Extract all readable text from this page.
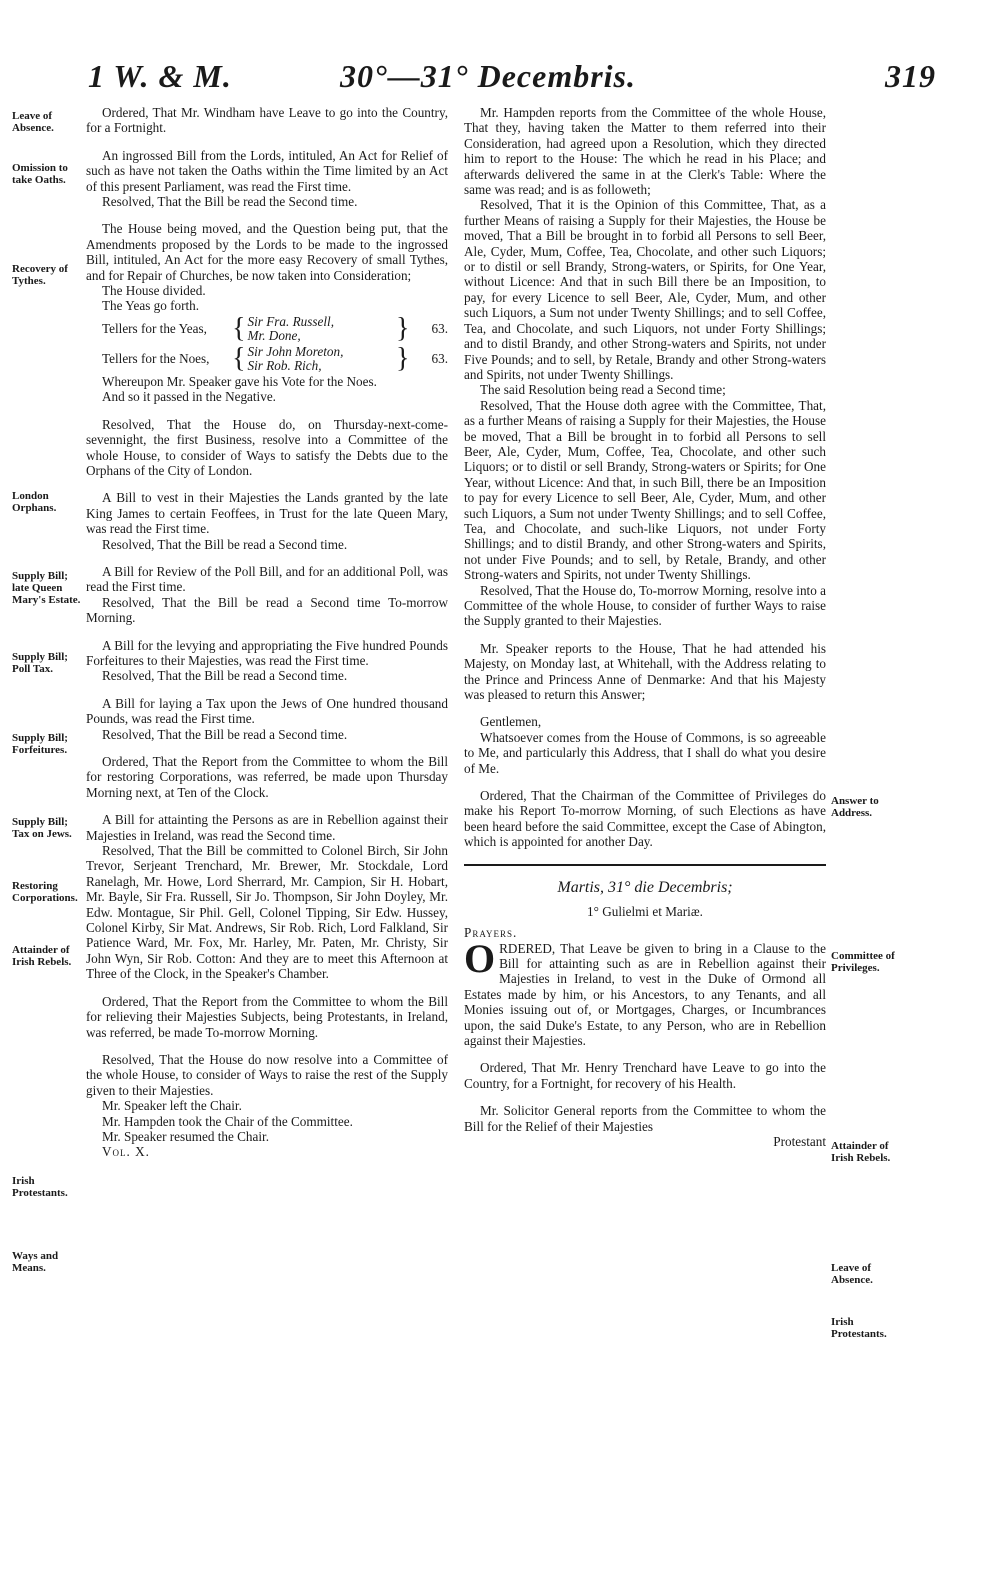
1 W. & M.	30°—31° Decembris.	319
Leave of Absence.
Omission to take Oaths.
Recovery of Tythes.
London Orphans.
Supply Bill; late Queen Mary's Estate.
Supply Bill; Poll Tax.
Supply Bill; Forfeitures.
Supply Bill; Tax on Jews.
Restoring Corporations.
Attainder of Irish Rebels.
Irish Protestants.
Ways and Means.
Answer to Address.
Committee of Privileges.
Attainder of Irish Rebels.
Leave of Absence.
Irish Protestants.

Ordered, That Mr. Windham have Leave to go into the Country, for a Fortnight.

An ingrossed Bill from the Lords, intituled, An Act for Relief of such as have not taken the Oaths within the Time limited by an Act of this present Parliament, was read the First time.

Resolved, That the Bill be read the Second time.

The House being moved, and the Question being put, that the Amendments proposed by the Lords to be made to the ingrossed Bill, intituled, An Act for the more easy Recovery of small Tythes, and for Repair of Churches, be now taken into Consideration;

The House divided.

The Yeas go forth.

Tellers for the Yeas, { Sir Fra. Russell,
Mr. Done,	}	63.
Tellers for the Noes, { Sir John Moreton,
Sir Rob. Rich,	}	63.

Whereupon Mr. Speaker gave his Vote for the Noes.

And so it passed in the Negative.

Resolved, That the House do, on Thursday-next-come-sevennight, the first Business, resolve into a Committee of the whole House, to consider of Ways to satisfy the Debts due to the Orphans of the City of London.

A Bill to vest in their Majesties the Lands granted by the late King James to certain Feoffees, in Trust for the late Queen Mary, was read the First time.

Resolved, That the Bill be read a Second time.

A Bill for Review of the Poll Bill, and for an additional Poll, was read the First time.

Resolved, That the Bill be read a Second time To-morrow Morning.

A Bill for the levying and appropriating the Five hundred Pounds Forfeitures to their Majesties, was read the First time.

Resolved, That the Bill be read a Second time.

A Bill for laying a Tax upon the Jews of One hundred thousand Pounds, was read the First time.

Resolved, That the Bill be read a Second time.

Ordered, That the Report from the Committee to whom the Bill for restoring Corporations, was referred, be made upon Thursday Morning next, at Ten of the Clock.

A Bill for attainting the Persons as are in Rebellion against their Majesties in Ireland, was read the Second time.

Resolved, That the Bill be committed to Colonel Birch, Sir John Trevor, Serjeant Trenchard, Mr. Brewer, Mr. Stockdale, Lord Ranelagh, Mr. Howe, Lord Sherrard, Mr. Campion, Sir H. Hobart, Mr. Bayle, Sir Fra. Russell, Sir Jo. Thompson, Sir John Doyley, Mr. Edw. Montague, Sir Phil. Gell, Colonel Tipping, Sir Edw. Hussey, Colonel Kirby, Sir Mat. Andrews, Sir Rob. Rich, Lord Falkland, Sir Patience Ward, Mr. Fox, Mr. Harley, Mr. Paten, Mr. Christy, Sir John Wyn, Sir Rob. Cotton: And they are to meet this Afternoon at Three of the Clock, in the Speaker's Chamber.

Ordered, That the Report from the Committee to whom the Bill for relieving their Majesties Subjects, being Protestants, in Ireland, was referred, be made To-morrow Morning.

Resolved, That the House do now resolve into a Committee of the whole House, to consider of Ways to raise the rest of the Supply given to their Majesties.

Mr. Speaker left the Chair.

Mr. Hampden took the Chair of the Committee.

Mr. Speaker resumed the Chair.

Vol. X.

Mr. Hampden reports from the Committee of the whole House, That they, having taken the Matter to them referred into their Consideration, had agreed upon a Resolution, which they directed him to report to the House: The which he read in his Place; and afterwards delivered the same in at the Clerk's Table: Where the same was read; and is as followeth;

Resolved, That it is the Opinion of this Committee, That, as a further Means of raising a Supply for their Majesties, the House be moved, That a Bill be brought in to forbid all Persons to sell Beer, Ale, Cyder, Mum, Coffee, Tea, Chocolate, and other such Liquors; or to distil or sell Brandy, Strong-waters, or Spirits, for One Year, without Licence: And that in such Bill there be an Imposition, to pay, for every Licence to sell Beer, Ale, Cyder, Mum, and other such Liquors, a Sum not under Twenty Shillings; and to sell Coffee, Tea, and Chocolate, and such Liquors, not under Forty Shillings; and to distil Brandy, and other Strong-waters and Spirits, not under Five Pounds; and to sell, by Retale, Brandy and other Strong-waters and Spirits, not under Twenty Shillings.

The said Resolution being read a Second time;

Resolved, That the House doth agree with the Committee, That, as a further Means of raising a Supply for their Majesties, the House be moved, That a Bill be brought in to forbid all Persons to sell Beer, Ale, Cyder, Mum, Coffee, Tea, Chocolate, and other such Liquors; or to distil or sell Brandy, Strong-waters or Spirits; for One Year, without Licence: And that, in such Bill, there be an Imposition to pay for every Licence to sell Beer, Ale, Cyder, Mum, and other such Liquors, a Sum not under Twenty Shillings; and to sell Coffee, Tea, and Chocolate, and such-like Liquors, not under Forty Shillings; and to distil Brandy, and other Strong-waters and Spirits, not under Five Pounds; and to sell, by Retale, Brandy, and other Strong-waters and Spirits, not under Twenty Shillings.

Resolved, That the House do, To-morrow Morning, resolve into a Committee of the whole House, to consider of further Ways to raise the Supply granted to their Majesties.

Mr. Speaker reports to the House, That he had attended his Majesty, on Monday last, at Whitehall, with the Address relating to the Prince and Princess Anne of Denmarke: And that his Majesty was pleased to return this Answer;

Gentlemen,

Whatsoever comes from the House of Commons, is so agreeable to Me, and particularly this Address, that I shall do what you desire of Me.

Ordered, That the Chairman of the Committee of Privileges do make his Report To-morrow Morning, of such Elections as have been heard before the said Committee, except the Case of Abington, which is appointed for another Day.

Martis, 31° die Decembris;

1° Gulielmi et Mariæ.

Prayers.

ORDERED, That Leave be given to bring in a Clause to the Bill for attainting such as are in Rebellion against their Majesties in Ireland, to vest in the Duke of Ormond all Estates made by him, or his Ancestors, to any Tenants, and all Monies issuing out of, or Mortgages, Charges, or Incumbrances upon, the said Duke's Estate, to any Person, who are in Rebellion against their Majesties.

Ordered, That Mr. Henry Trenchard have Leave to go into the Country, for a Fortnight, for recovery of his Health.

Mr. Solicitor General reports from the Committee to whom the Bill for the Relief of their Majesties

Protestant
